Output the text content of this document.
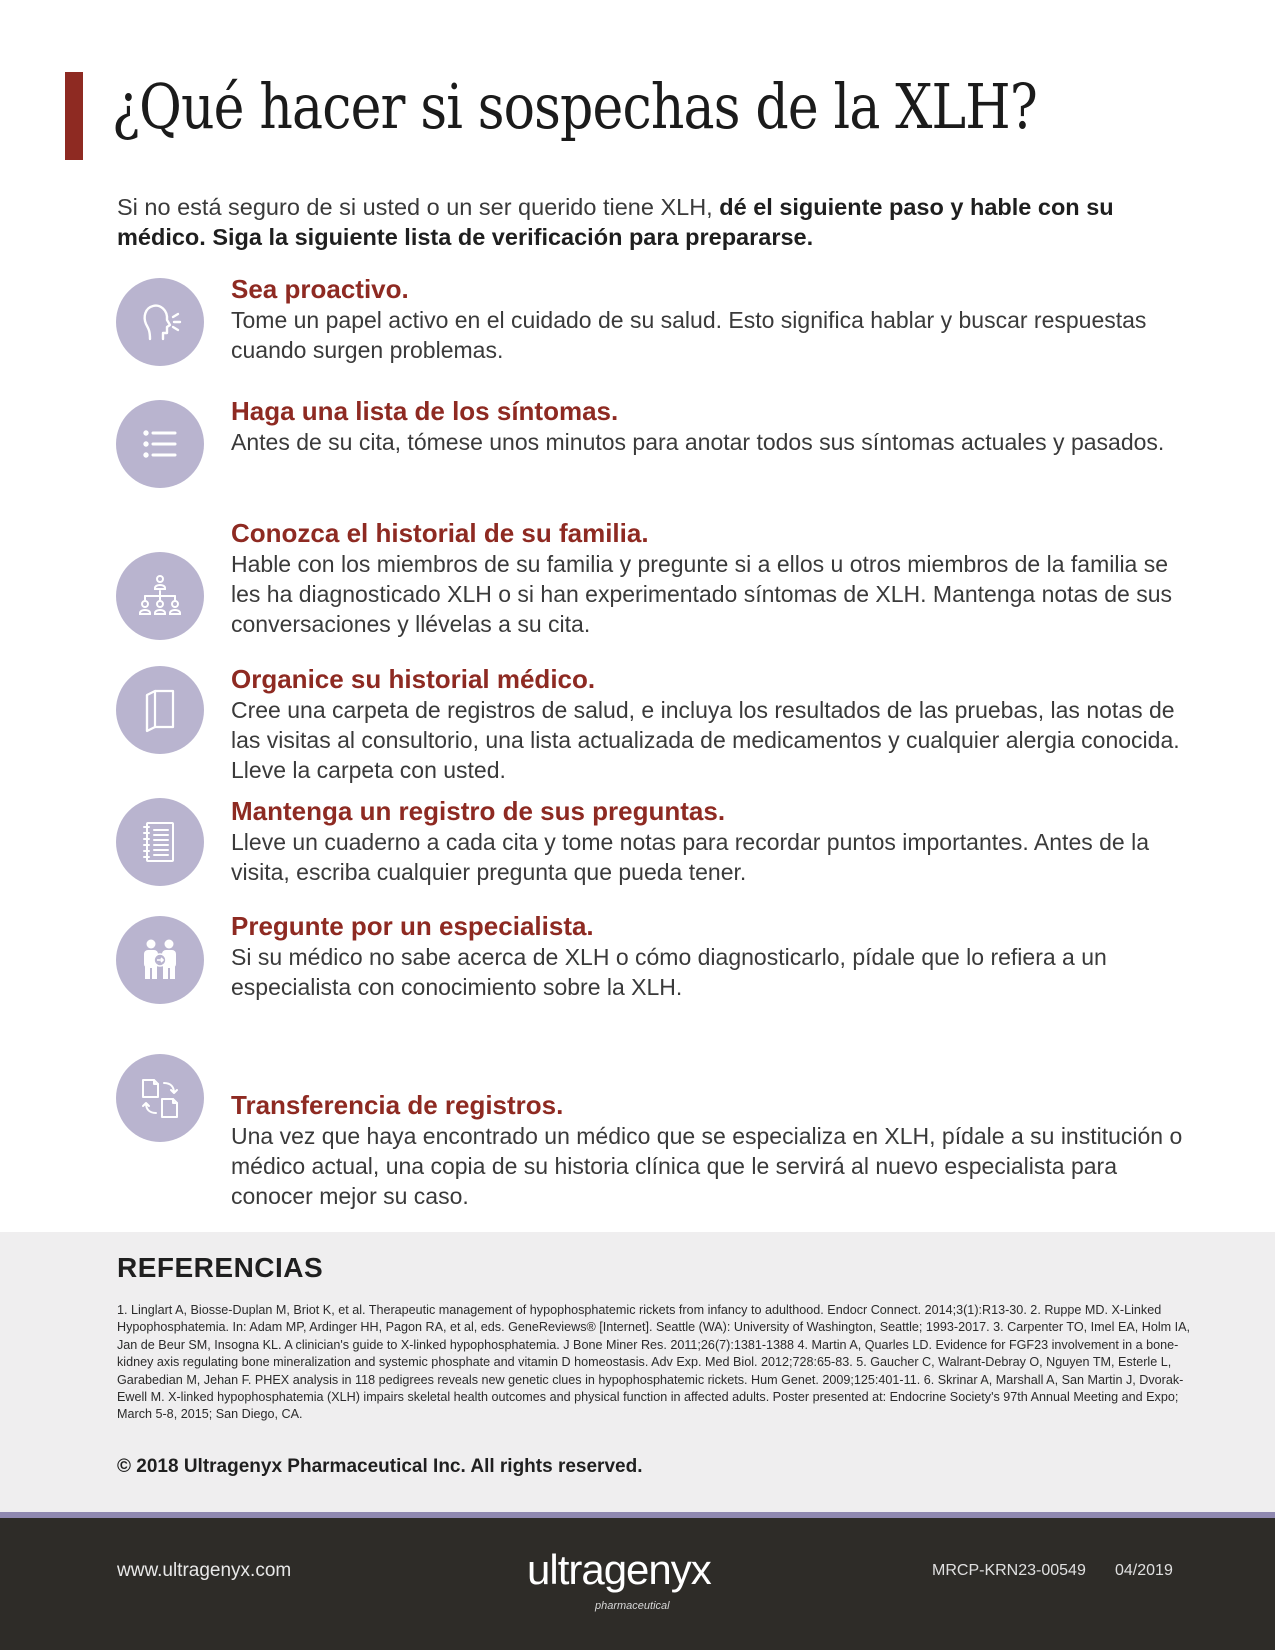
¿Qué hacer si sospechas de la XLH?

Si no está seguro de si usted o un ser querido tiene XLH, dé el siguiente paso y hable con su médico. Siga la siguiente lista de verificación para prepararse.

Sea proactivo.

Tome un papel activo en el cuidado de su salud. Esto significa hablar y buscar respuestas cuando surgen problemas.

Haga una lista de los síntomas.

Antes de su cita, tómese unos minutos para anotar todos sus síntomas actuales y pasados.

Conozca el historial de su familia.

Hable con los miembros de su familia y pregunte si a ellos u otros miembros de la familia se les ha diagnosticado XLH o si han experimentado síntomas de XLH. Mantenga notas de sus conversaciones y llévelas a su cita.

Organice su historial médico.

Cree una carpeta de registros de salud, e incluya los resultados de las pruebas, las notas de las visitas al consultorio, una lista actualizada de medicamentos y cualquier alergia conocida. Lleve la carpeta con usted.

Mantenga un registro de sus preguntas.

Lleve un cuaderno a cada cita y tome notas para recordar puntos importantes. Antes de la visita, escriba cualquier pregunta que pueda tener.

Pregunte por un especialista.

Si su médico no sabe acerca de XLH o cómo diagnosticarlo, pídale que lo refiera a un especialista con conocimiento sobre la XLH.

Transferencia de registros.

Una vez que haya encontrado un médico que se especializa en XLH, pídale a su institución o médico actual, una copia de su historia clínica que le servirá al nuevo especialista para conocer mejor su caso.

REFERENCIAS

1. Linglart A, Biosse-Duplan M, Briot K, et al. Therapeutic management of hypophosphatemic rickets from infancy to adulthood. Endocr Connect. 2014;3(1):R13-30. 2. Ruppe MD. X-Linked Hypophosphatemia. In: Adam MP, Ardinger HH, Pagon RA, et al, eds. GeneReviews® [Internet]. Seattle (WA): University of Washington, Seattle; 1993-2017. 3. Carpenter TO, Imel EA, Holm IA, Jan de Beur SM, Insogna KL. A clinician's guide to X-linked hypophosphatemia. J Bone Miner Res. 2011;26(7):1381-1388 4. Martin A, Quarles LD. Evidence for FGF23 involvement in a bone-kidney axis regulating bone mineralization and systemic phosphate and vitamin D homeostasis. Adv Exp. Med Biol. 2012;728:65-83. 5. Gaucher C, Walrant-Debray O, Nguyen TM, Esterle L, Garabedian M, Jehan F. PHEX analysis in 118 pedigrees reveals new genetic clues in hypophosphatemic rickets. Hum Genet. 2009;125:401-11. 6. Skrinar A, Marshall A, San Martin J, Dvorak-Ewell M. X-linked hypophosphatemia (XLH) impairs skeletal health outcomes and physical function in affected adults. Poster presented at: Endocrine Society's 97th Annual Meeting and Expo; March 5-8, 2015; San Diego, CA.

© 2018 Ultragenyx Pharmaceutical Inc. All rights reserved.

www.ultragenyx.com	ultragenyx
pharmaceutical
MRCP-KRN23-00549 04/2019
